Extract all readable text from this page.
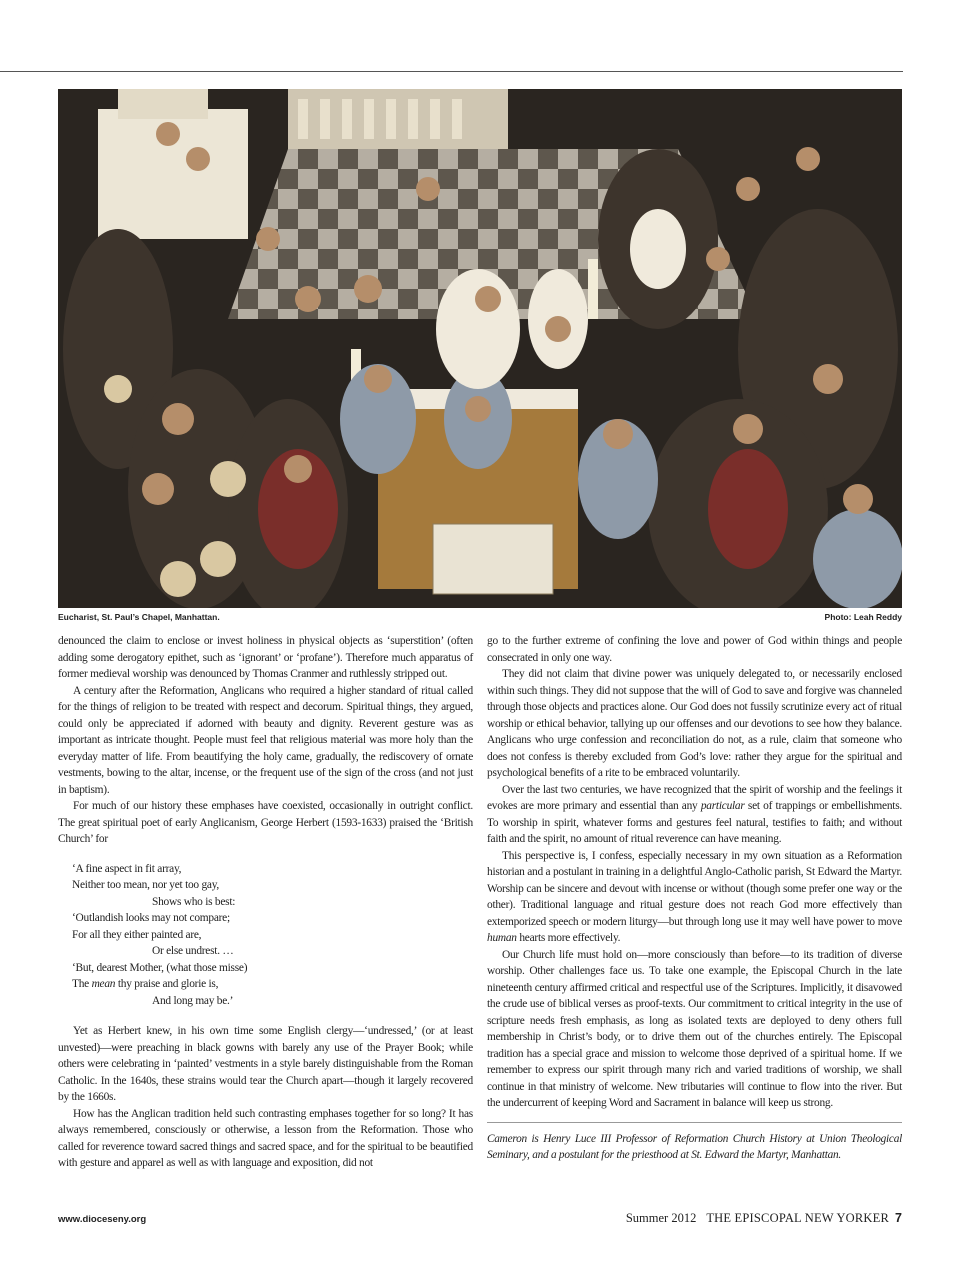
Eucharist, St. Paul’s Chapel, Manhattan.	Photo: Leah Reddy

denounced the claim to enclose or invest holiness in physical objects as ‘superstition’ (often adding some derogatory epithet, such as ‘ignorant’ or ‘profane’). Therefore much apparatus of former medieval worship was denounced by Thomas Cranmer and ruthlessly stripped out.

A century after the Reformation, Anglicans who required a higher standard of ritual called for the things of religion to be treated with respect and decorum. Spiritual things, they argued, could only be appreciated if adorned with beauty and dignity. Reverent gesture was as important as intricate thought. People must feel that religious material was more holy than the everyday matter of life. From beautifying the holy came, gradually, the rediscovery of ornate vestments, bowing to the altar, incense, or the frequent use of the sign of the cross (and not just in baptism).

For much of our history these emphases have coexisted, occasionally in outright conflict. The great spiritual poet of early Anglicanism, George Herbert (1593-1633) praised the ‘British Church’ for

‘A fine aspect in fit array,
Neither too mean, nor yet too gay,
Shows who is best:
‘Outlandish looks may not compare;
For all they either painted are,
Or else undrest. …
‘But, dearest Mother, (what those misse)
The mean thy praise and glorie is,
And long may be.’

Yet as Herbert knew, in his own time some English clergy—‘undressed,’ (or at least unvested)—were preaching in black gowns with barely any use of the Prayer Book; while others were celebrating in ‘painted’ vestments in a style barely distinguishable from the Roman Catholic. In the 1640s, these strains would tear the Church apart—though it largely recovered by the 1660s.

How has the Anglican tradition held such contrasting emphases together for so long? It has always remembered, consciously or otherwise, a lesson from the Reformation. Those who called for reverence toward sacred things and sacred space, and for the spiritual to be beautified with gesture and apparel as well as with language and exposition, did not

go to the further extreme of confining the love and power of God within things and people consecrated in only one way.

They did not claim that divine power was uniquely delegated to, or necessarily enclosed within such things. They did not suppose that the will of God to save and forgive was channeled through those objects and practices alone. Our God does not fussily scrutinize every act of ritual worship or ethical behavior, tallying up our offenses and our devotions to see how they balance. Anglicans who urge confession and reconciliation do not, as a rule, claim that someone who does not confess is thereby excluded from God’s love: rather they argue for the spiritual and psychological benefits of a rite to be embraced voluntarily.

Over the last two centuries, we have recognized that the spirit of worship and the feelings it evokes are more primary and essential than any particular set of trappings or embellishments. To worship in spirit, whatever forms and gestures feel natural, testifies to faith; and without faith and the spirit, no amount of ritual reverence can have meaning.

This perspective is, I confess, especially necessary in my own situation as a Reformation historian and a postulant in training in a delightful Anglo-Catholic parish, St Edward the Martyr. Worship can be sincere and devout with incense or without (though some prefer one way or the other). Traditional language and ritual gesture does not reach God more effectively than extemporized speech or modern liturgy—but through long use it may well have power to move human hearts more effectively.

Our Church life must hold on—more consciously than before—to its tradition of diverse worship. Other challenges face us. To take one example, the Episcopal Church in the late nineteenth century affirmed critical and respectful use of the Scriptures. Implicitly, it disavowed the crude use of biblical verses as proof-texts. Our commitment to critical integrity in the use of scripture needs fresh emphasis, as long as isolated texts are deployed to deny others full membership in Christ’s body, or to drive them out of the churches entirely. The Episcopal tradition has a special grace and mission to welcome those deprived of a spiritual home. If we remember to express our spirit through many rich and varied traditions of worship, we shall continue in that ministry of welcome. New tributaries will continue to flow into the river. But the undercurrent of keeping Word and Sacrament in balance will keep us strong.

Cameron is Henry Luce III Professor of Reformation Church History at Union Theological Seminary, and a postulant for the priesthood at St. Edward the Martyr, Manhattan.
www.dioceseny.org	Summer 2012 THE EPISCOPAL NEW YORKER 7
